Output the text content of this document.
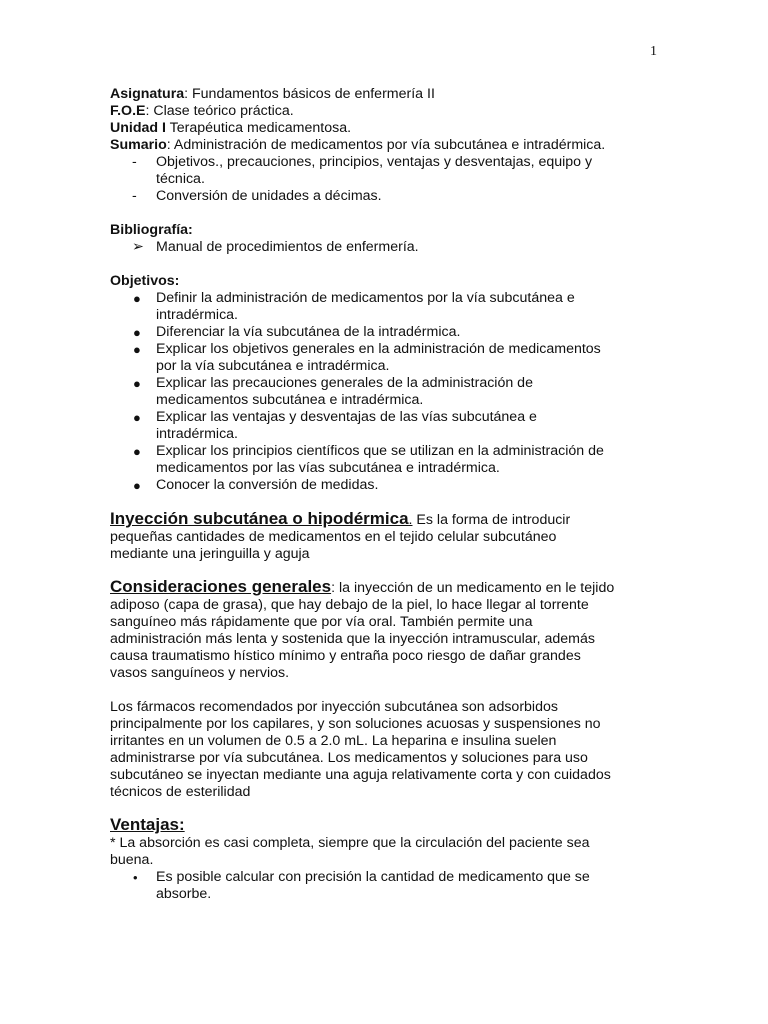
1

Asignatura: Fundamentos básicos de enfermería II

F.O.E: Clase teórico práctica.

Unidad I Terapéutica medicamentosa.

Sumario: Administración de medicamentos por vía subcutánea e intradérmica.

- Objetivos., precauciones, principios, ventajas y desventajas, equipo y
técnica.
- Conversión de unidades a décimas.

Bibliografía:

➢ Manual de procedimientos de enfermería.

Objetivos:

● Definir la administración de medicamentos por la vía subcutánea e
intradérmica.
● Diferenciar la vía subcutánea de la intradérmica.
● Explicar los objetivos generales en la administración de medicamentos
por la vía subcutánea e intradérmica.
● Explicar las precauciones generales de la administración de
medicamentos subcutánea e intradérmica.
● Explicar las ventajas y desventajas de las vías subcutánea e
intradérmica.
● Explicar los principios científicos que se utilizan en la administración de
medicamentos por las vías subcutánea e intradérmica.
● Conocer la conversión de medidas.

Inyección subcutánea o hipodérmica. Es la forma de introducir
pequeñas cantidades de medicamentos en el tejido celular subcutáneo
mediante una jeringuilla y aguja

Consideraciones generales: la inyección de un medicamento en le tejido
adiposo (capa de grasa), que hay debajo de la piel, lo hace llegar al torrente
sanguíneo más rápidamente que por vía oral. También permite una
administración más lenta y sostenida que la inyección intramuscular, además
causa traumatismo hístico mínimo y entraña poco riesgo de dañar grandes
vasos sanguíneos y nervios.

Los fármacos recomendados por inyección subcutánea son adsorbidos
principalmente por los capilares, y son soluciones acuosas y suspensiones no
irritantes en un volumen de 0.5 a 2.0 mL. La heparina e insulina suelen
administrarse por vía subcutánea. Los medicamentos y soluciones para uso
subcutáneo se inyectan mediante una aguja relativamente corta y con cuidados
técnicos de esterilidad

Ventajas:

* La absorción es casi completa, siempre que la circulación del paciente sea
buena.

• Es posible calcular con precisión la cantidad de medicamento que se
absorbe.
